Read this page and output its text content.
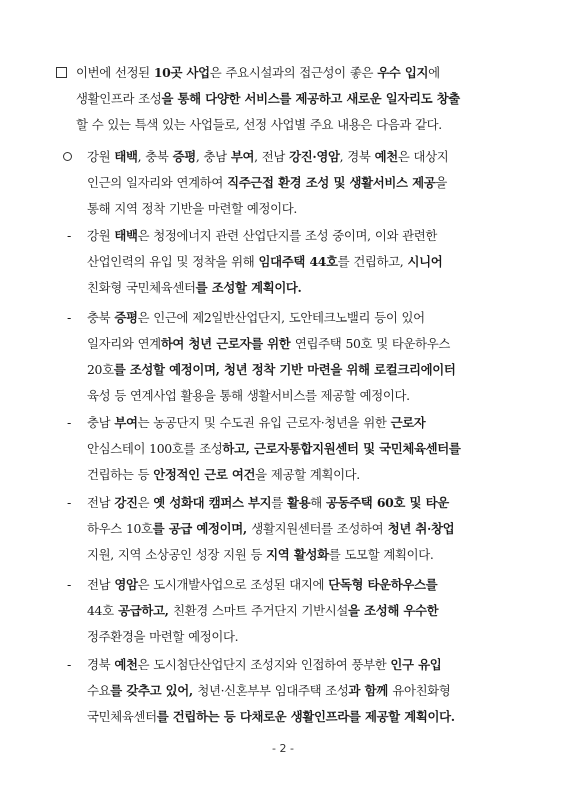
이번에 선정된 10곳 사업은 주요시설과의 접근성이 좋은 우수 입지에
생활인프라 조성을 통해 다양한 서비스를 제공하고 새로운 일자리도 창출
할 수 있는 특색 있는 사업들로, 선정 사업별 주요 내용은 다음과 같다.
강원 태백, 충북 증평, 충남 부여, 전남 강진·영암, 경북 예천은 대상지
인근의 일자리와 연계하여 직주근접 환경 조성 및 생활서비스 제공을
통해 지역 정착 기반을 마련할 예정이다.
- 강원 태백은 청정에너지 관련 산업단지를 조성 중이며, 이와 관련한
산업인력의 유입 및 정착을 위해 임대주택 44호를 건립하고, 시니어
친화형 국민체육센터를 조성할 계획이다.
- 충북 증평은 인근에 제2일반산업단지, 도안테크노밸리 등이 있어
일자리와 연계하여 청년 근로자를 위한 연립주택 50호 및 타운하우스
20호를 조성할 예정이며, 청년 정착 기반 마련을 위해 로컬크리에이터
육성 등 연계사업 활용을 통해 생활서비스를 제공할 예정이다.
- 충남 부여는 농공단지 및 수도권 유입 근로자·청년을 위한 근로자
안심스테이 100호를 조성하고, 근로자통합지원센터 및 국민체육센터를
건립하는 등 안정적인 근로 여건을 제공할 계획이다.
- 전남 강진은 옛 성화대 캠퍼스 부지를 활용해 공동주택 60호 및 타운
하우스 10호를 공급 예정이며, 생활지원센터를 조성하여 청년 취·창업
지원, 지역 소상공인 성장 지원 등 지역 활성화를 도모할 계획이다.
- 전남 영암은 도시개발사업으로 조성된 대지에 단독형 타운하우스를
44호 공급하고, 친환경 스마트 주거단지 기반시설을 조성해 우수한
정주환경을 마련할 예정이다.
- 경북 예천은 도시첨단산업단지 조성지와 인접하여 풍부한 인구 유입
수요를 갖추고 있어, 청년·신혼부부 임대주택 조성과 함께 유아친화형
국민체육센터를 건립하는 등 다채로운 생활인프라를 제공할 계획이다.
- 2 -
